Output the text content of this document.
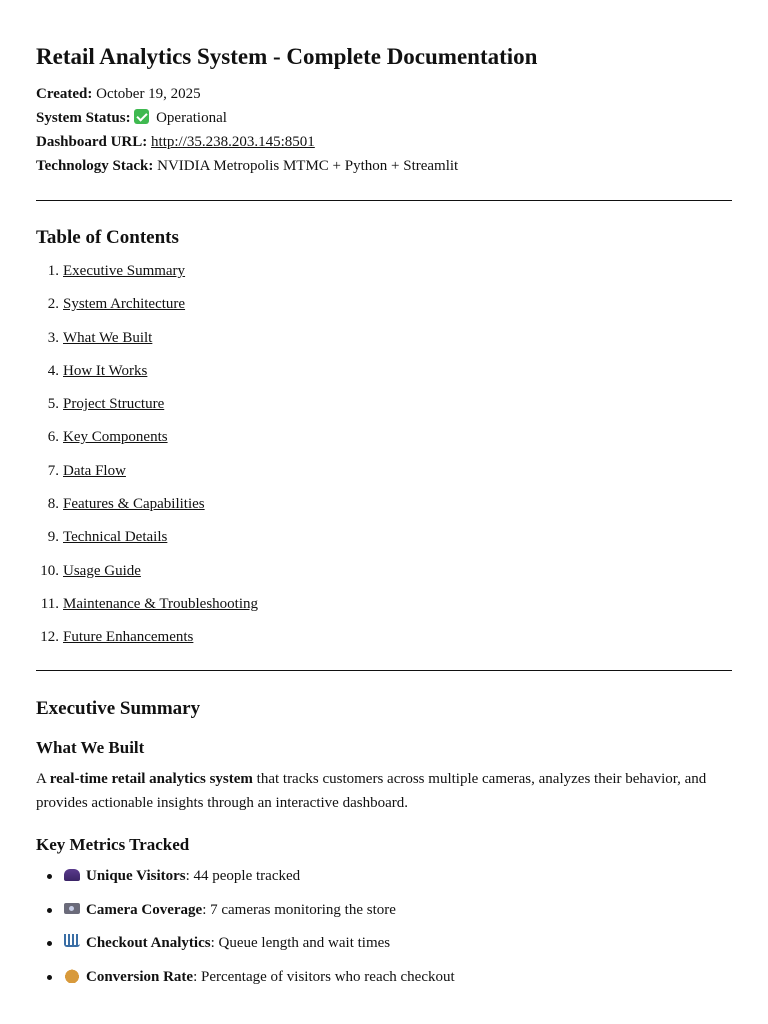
Retail Analytics System - Complete Documentation
Created: October 19, 2025
System Status: Operational
Dashboard URL: http://35.238.203.145:8501
Technology Stack: NVIDIA Metropolis MTMC + Python + Streamlit
Table of Contents
1. Executive Summary
2. System Architecture
3. What We Built
4. How It Works
5. Project Structure
6. Key Components
7. Data Flow
8. Features & Capabilities
9. Technical Details
10. Usage Guide
11. Maintenance & Troubleshooting
12. Future Enhancements
Executive Summary
What We Built

A real-time retail analytics system that tracks customers across multiple cameras, analyzes their behavior, and provides actionable insights through an interactive dashboard.

Key Metrics Tracked
Unique Visitors: 44 people tracked
Camera Coverage: 7 cameras monitoring the store
Checkout Analytics: Queue length and wait times
Conversion Rate: Percentage of visitors who reach checkout
